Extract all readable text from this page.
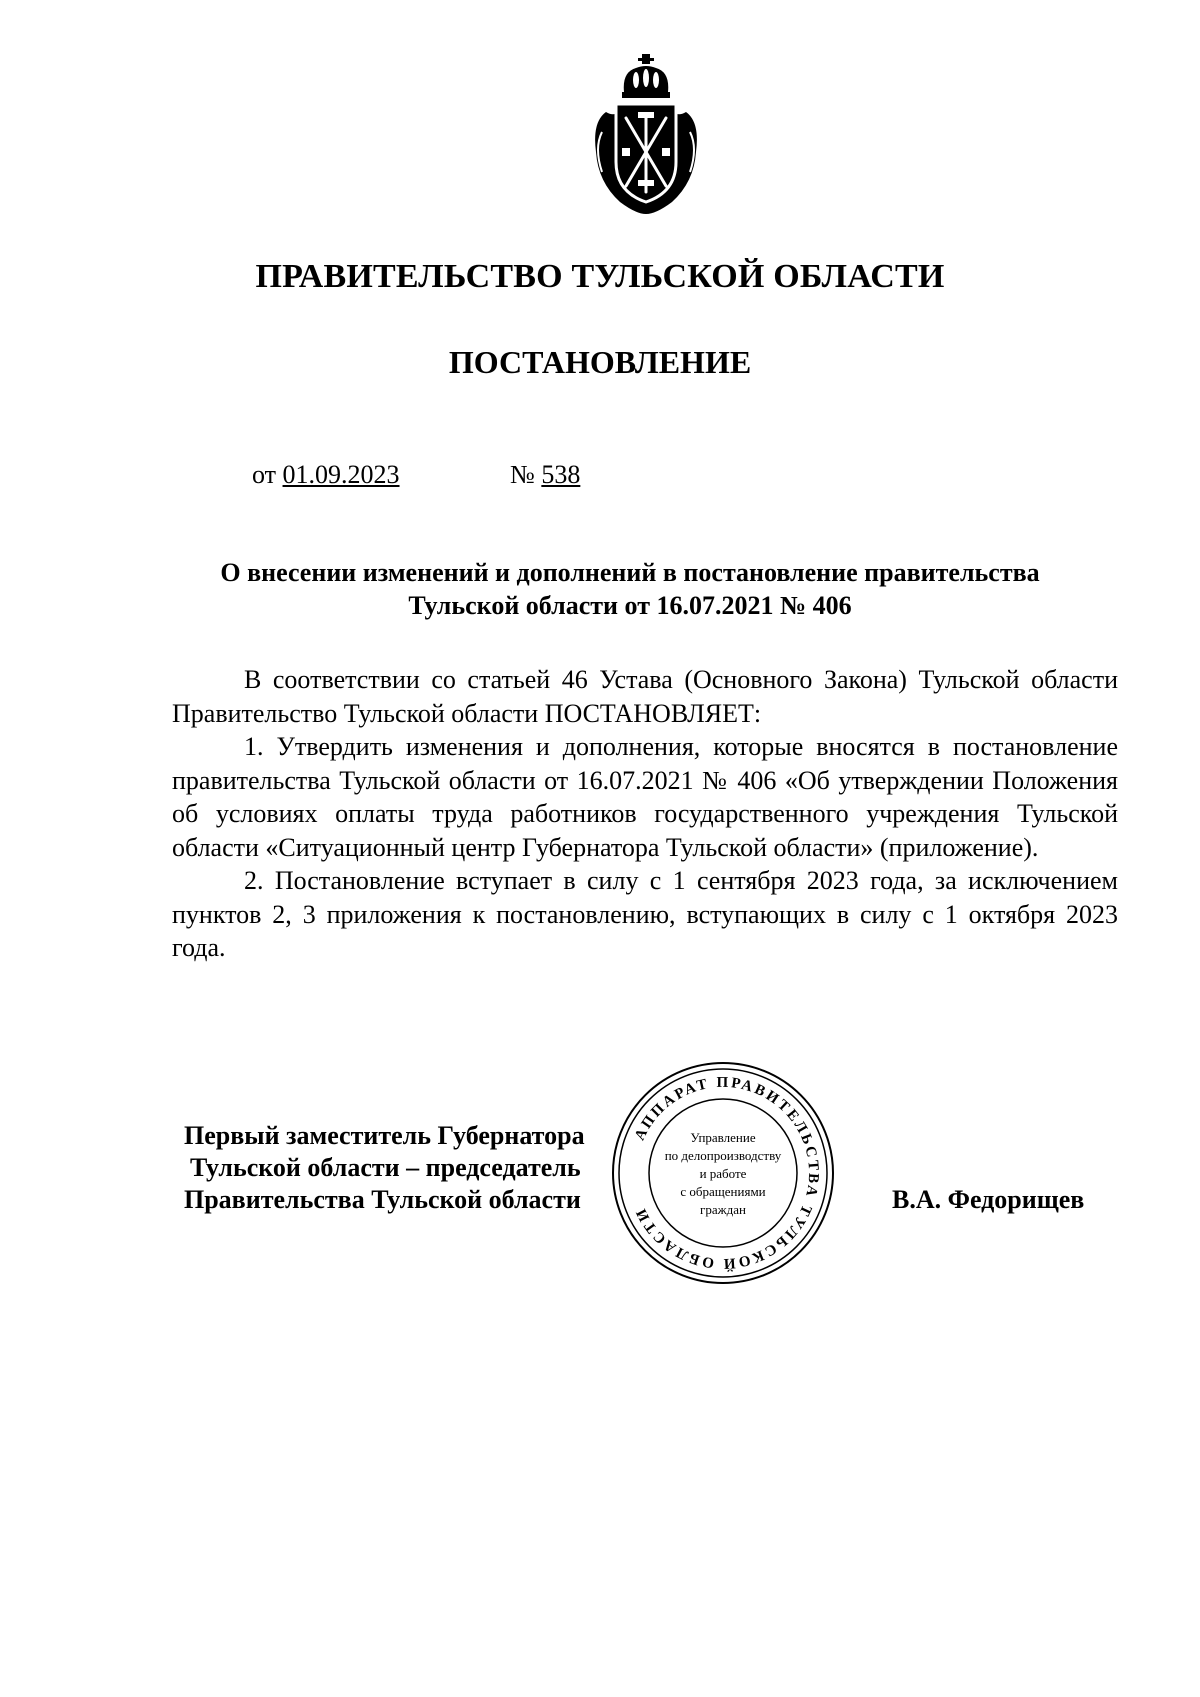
ПРАВИТЕЛЬСТВО ТУЛЬСКОЙ ОБЛАСТИ
ПОСТАНОВЛЕНИЕ
от 01.09.2023	№ 538
О внесении изменений и дополнений в постановление правительства
Тульской области от 16.07.2021 № 406

В соответствии со статьей 46 Устава (Основного Закона) Тульской области Правительство Тульской области ПОСТАНОВЛЯЕТ:

1. Утвердить изменения и дополнения, которые вносятся в постановление правительства Тульской области от 16.07.2021 № 406 «Об утверждении Положения об условиях оплаты труда работников государственного учреждения Тульской области «Ситуационный центр Губернатора Тульской области» (приложение).

2. Постановление вступает в силу с 1 сентября 2023 года, за исключением пунктов 2, 3 приложения к постановлению, вступающих в силу с 1 октября 2023 года.

Первый заместитель Губернатора
Тульской области – председатель
Правительства Тульской области	В.А. Федорищев
АППАРАТ ПРАВИТЕЛЬСТВА ТУЛЬСКОЙ ОБЛАСТИ
Управление
по делопроизводству
и работе
с обращениями
граждан
